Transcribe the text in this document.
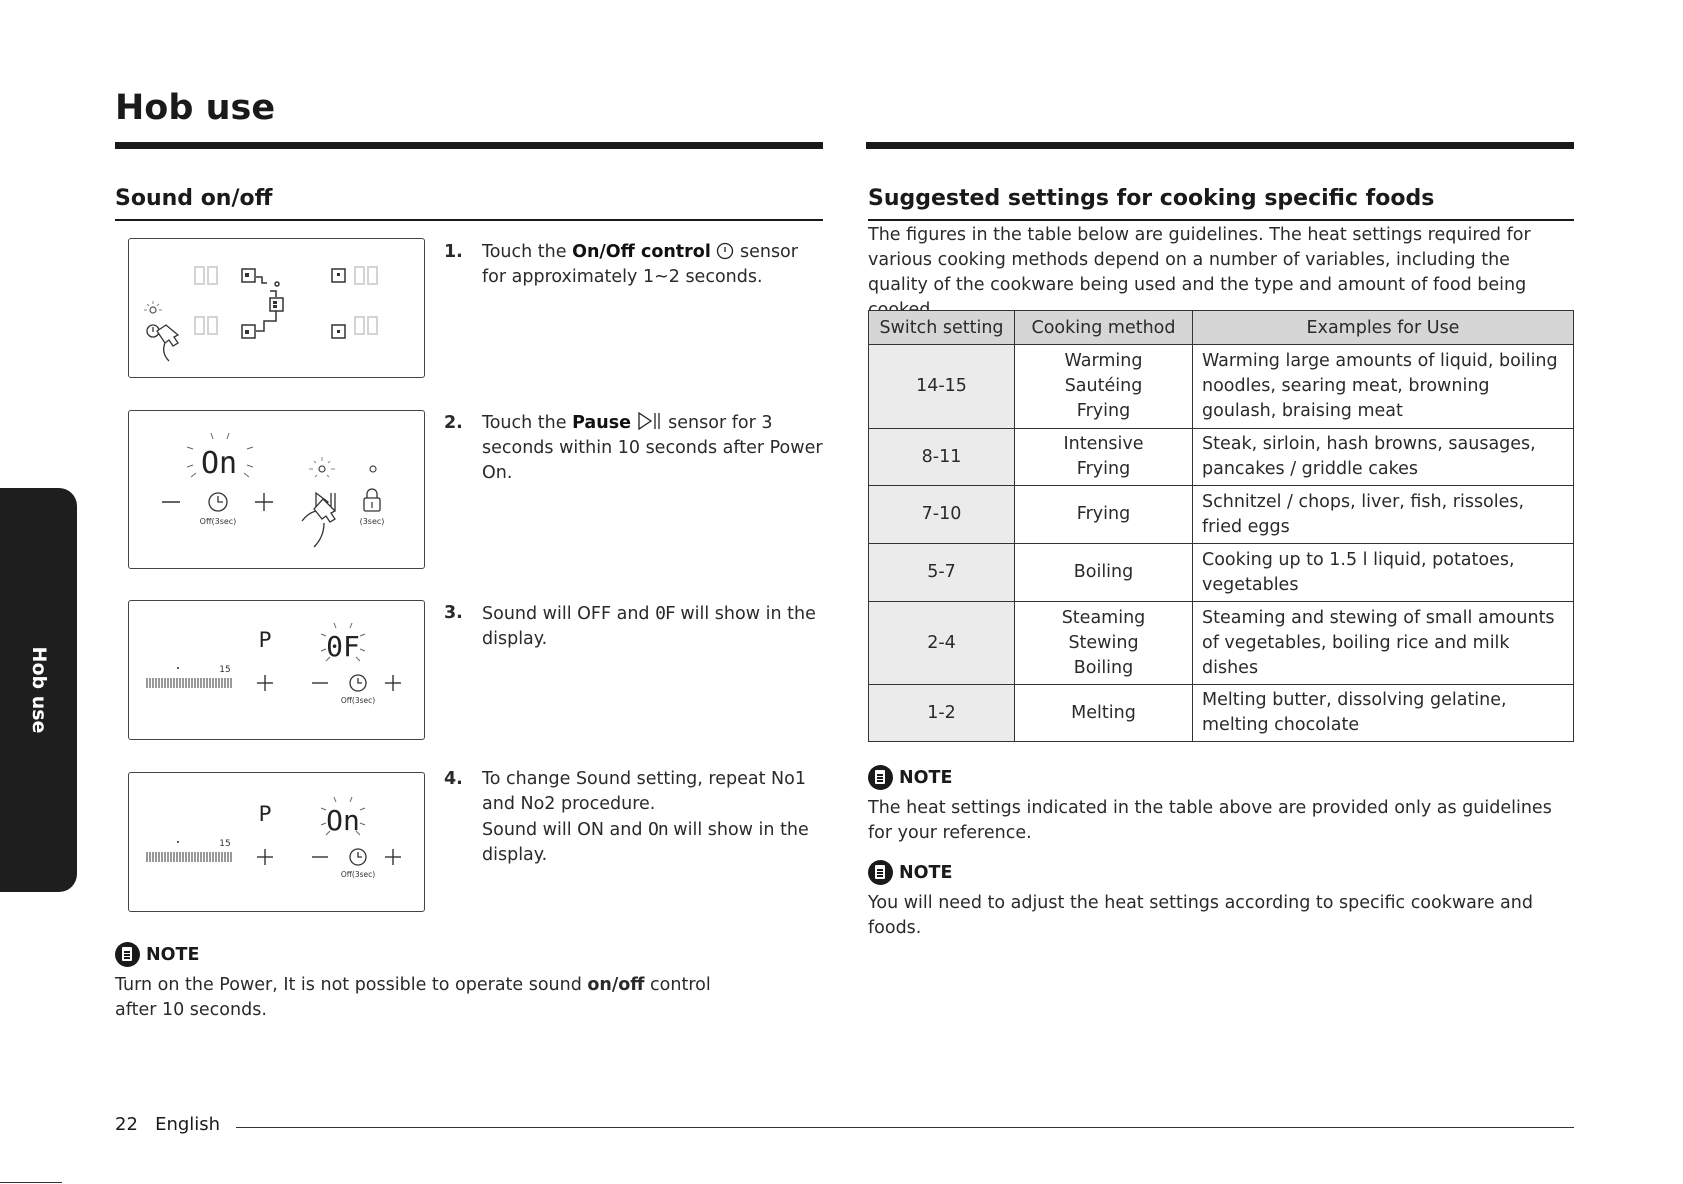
Hob use
Hob use
Sound on/off
1. Touch the On/Off control  sensor for approximately 1~2 seconds.
On
Off(3sec)	(3sec)
2. Touch the Pause  sensor for 3 seconds within 10 seconds after Power On.
P 0F
15
Off(3sec)
3. Sound will OFF and 0F will show in the display.
P On
15
Off(3sec)
4. To change Sound setting, repeat No1 and No2 procedure.
Sound will ON and On will show in the display.
NOTE
Turn on the Power, It is not possible to operate sound on/off control after 10 seconds.
Suggested settings for cooking specific foods
The figures in the table below are guidelines. The heat settings required for various cooking methods depend on a number of variables, including the quality of the cookware being used and the type and amount of food being
Switch setting	Cooking method	Examples for Use
14-15	Warming
Sautéing
Frying	Warming large amounts of liquid, boiling noodles, searing meat, browning goulash, braising meat
8-11	Intensive
Frying	Steak, sirloin, hash browns, sausages, pancakes / griddle cakes
7-10	Frying	Schnitzel / chops, liver, fish, rissoles, fried eggs
5-7	Boiling	Cooking up to 1.5 l liquid, potatoes, vegetables
2-4	Steaming
Stewing
Boiling	Steaming and stewing of small amounts of vegetables, boiling rice and milk dishes
1-2	Melting	Melting butter, dissolving gelatine, melting chocolate
NOTE
The heat settings indicated in the table above are provided only as guidelines for your reference.
NOTE
You will need to adjust the heat settings according to specific cookware and foods.
22 English
